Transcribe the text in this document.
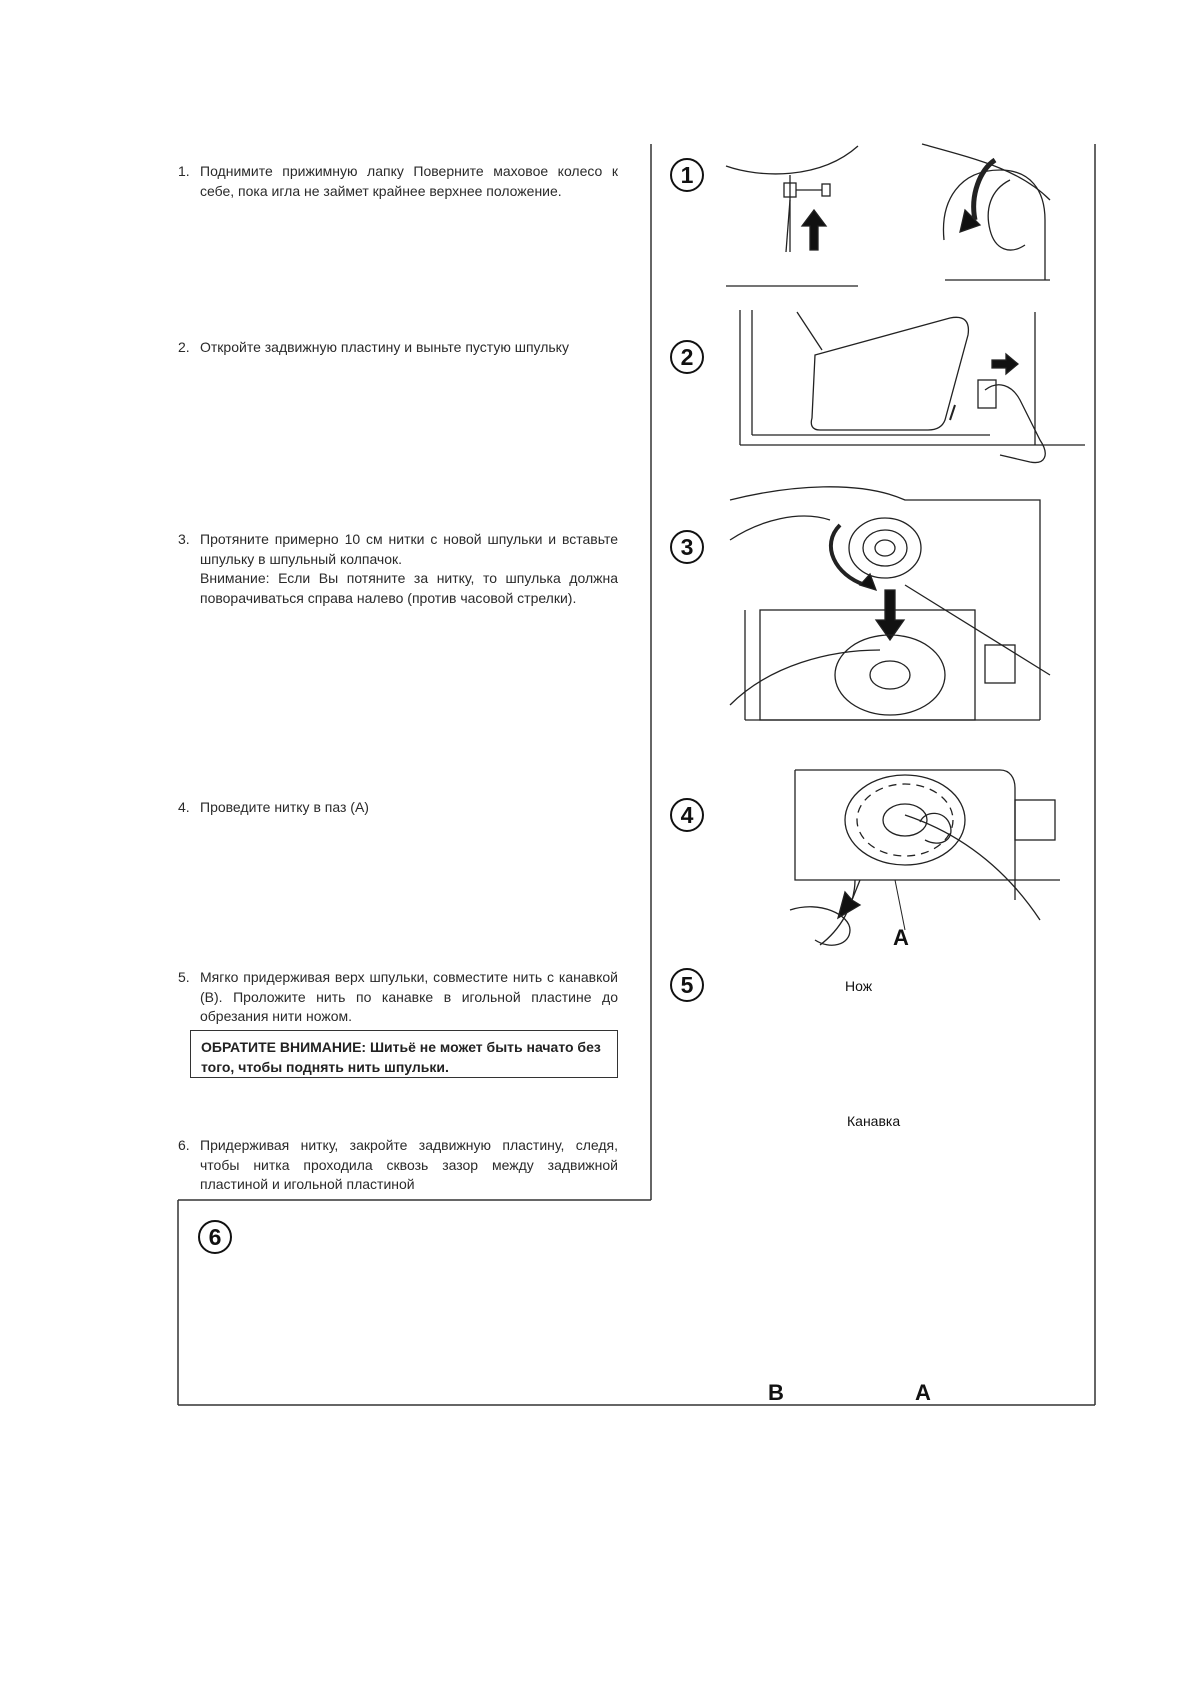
1. Поднимите прижимную лапку Поверните маховое колесо к себе, пока игла не займет крайнее верхнее положение.
2. Откройте задвижную пластину и выньте пустую шпульку
3. Протяните примерно 10 см нитки с новой шпульки и вставьте шпульку в шпульный колпачок.
Внимание: Если Вы потяните за нитку, то шпулька должна поворачиваться справа налево (против часовой стрелки).
4. Проведите нитку в паз (А)
5. Мягко придерживая верх шпульки, совместите нить с канавкой (В). Проложите нить по канавке в игольной пластине до обрезания нити ножом.
ОБРАТИТЕ ВНИМАНИЕ: Шитьё не может быть начато без того, чтобы поднять нить шпульки.
6. Придерживая нитку, закройте задвижную пластину, следя, чтобы нитка проходила сквозь зазор между задвижной пластиной и игольной пластиной
1
2
3
4
5
6
A
Нож
Канавка
B	A
